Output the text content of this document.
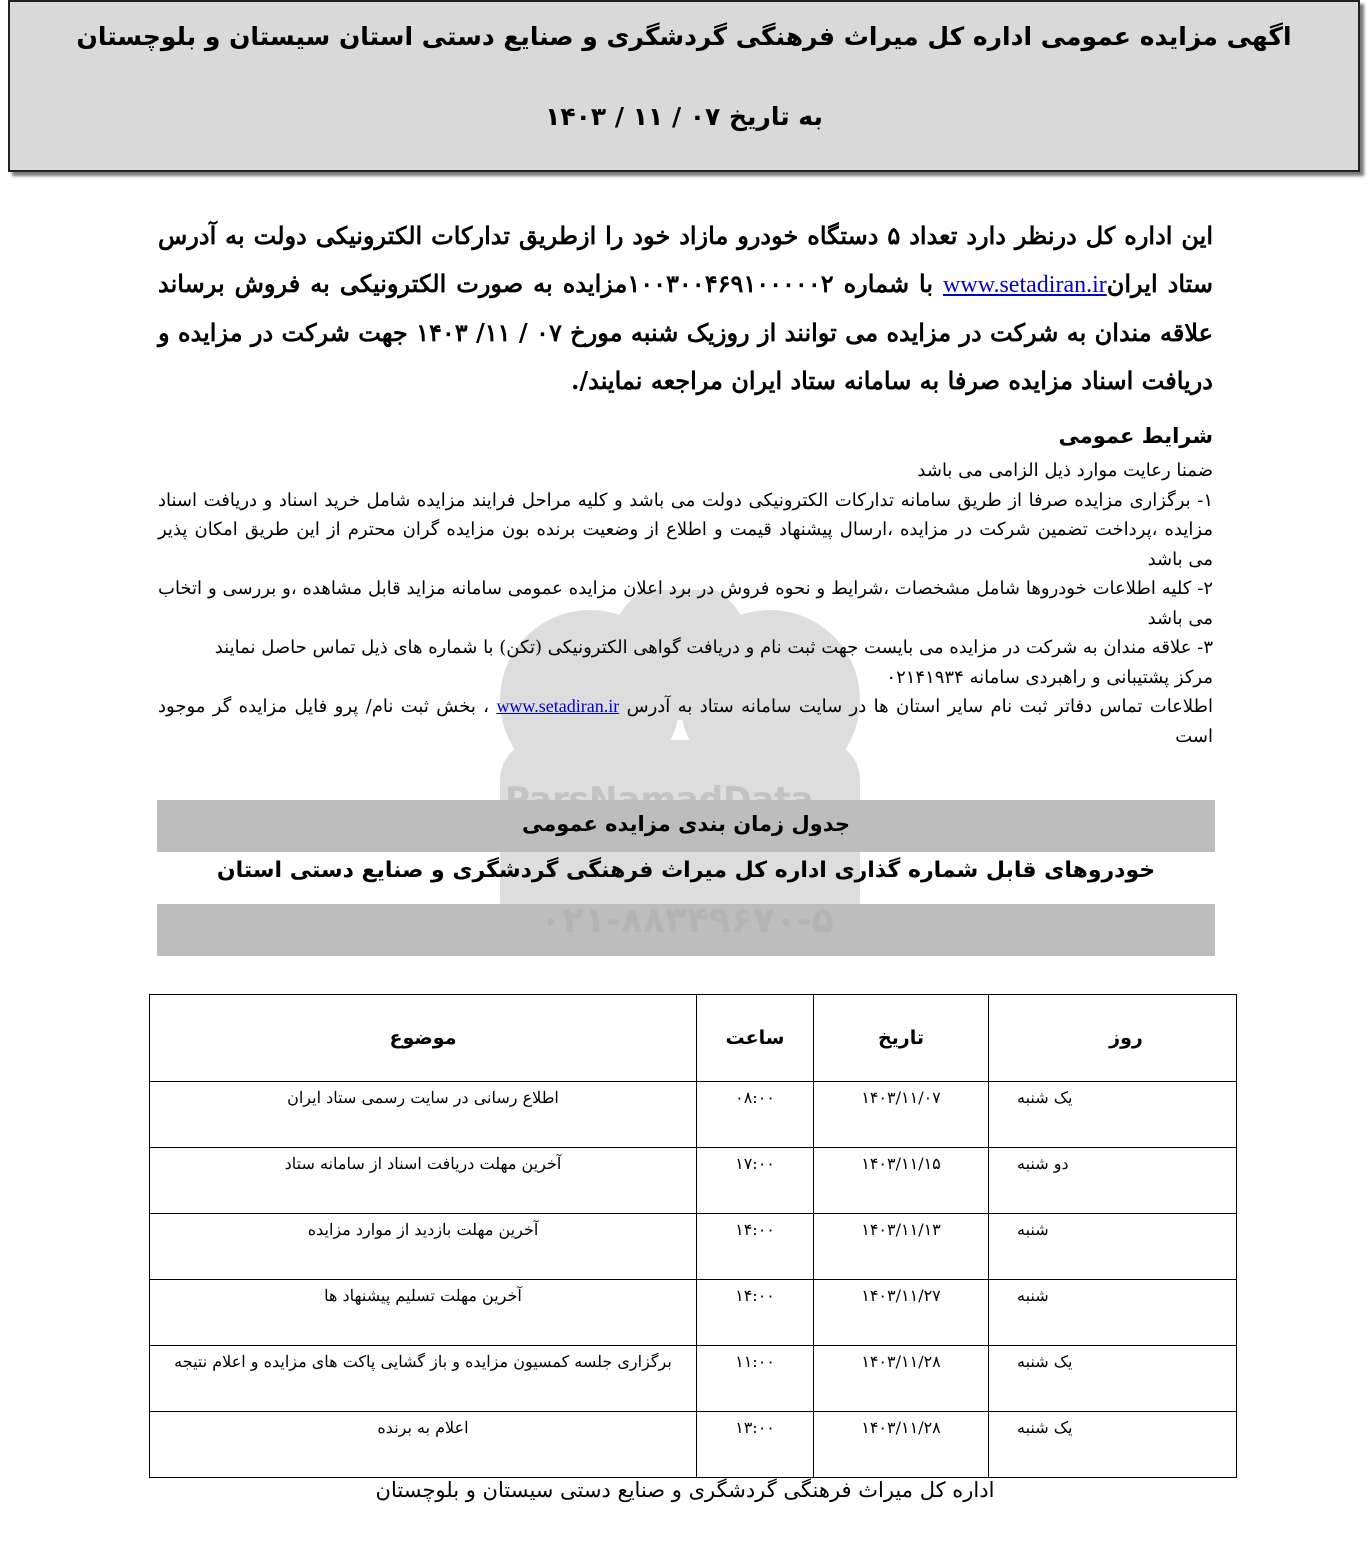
اگهی مزایده عمومی اداره کل میراث فرهنگی گردشگری و صنایع دستی استان سیستان و بلوچستان
به تاریخ ۰۷ / ۱۱ / ۱۴۰۳
این اداره کل درنظر دارد تعداد ۵ دستگاه خودرو مازاد خود را ازطریق تدارکات الکترونیکی دولت به آدرس ستاد ایرانwww.setadiran.ir با شماره ۱۰۰۳۰۰۴۶۹۱۰۰۰۰۰۲مزایده به صورت الکترونیکی به فروش برساند علاقه مندان به شرکت در مزایده می توانند از روزیک شنبه مورخ ۰۷ / ۱۱/ ۱۴۰۳ جهت شرکت در مزایده و دریافت اسناد مزایده صرفا به سامانه ستاد ایران مراجعه نمایند/.
شرایط عمومی

ضمنا رعایت موارد ذیل الزامی می باشد

۱- برگزاری مزایده صرفا از طریق سامانه تدارکات الکترونیکی دولت می باشد و کلیه مراحل فرایند مزایده شامل خرید اسناد و دریافت اسناد مزایده ،پرداخت تضمین شرکت در مزایده ،ارسال پیشنهاد قیمت و اطلاع از وضعیت برنده بون مزایده گران محترم از این طریق امکان پذیر می باشد

۲- کلیه اطلاعات خودروها شامل مشخصات ،شرایط و نحوه فروش در برد اعلان مزایده عمومی سامانه مزاید قابل مشاهده ،و بررسی و اتخاب می باشد

۳- علاقه مندان به شرکت در مزایده می بایست جهت ثبت نام و دریافت گواهی الکترونیکی (تکن) با شماره های ذیل تماس حاصل نمایند

مرکز پشتیبانی و راهبردی سامانه ۰۲۱۴۱۹۳۴

اطلاعات تماس دفاتر ثبت نام سایر استان ها در سایت سامانه ستاد به آدرس www.setadiran.ir ، بخش ثبت نام/ پرو فایل مزایده گر موجود است

جدول زمان بندی مزایده عمومی
خودروهای قابل شماره گذاری اداره کل میراث فرهنگی گردشگری و صنایع دستی استان
۰۲۱-۸۸۳۴۹۶۷۰-۵
روز	تاریخ	ساعت	موضوع
یک شنبه	۱۴۰۳/۱۱/۰۷	۰۸:۰۰	اطلاع رسانی در سایت رسمی ستاد ایران
دو شنبه	۱۴۰۳/۱۱/۱۵	۱۷:۰۰	آخرین مهلت دریافت اسناد از سامانه ستاد
شنبه	۱۴۰۳/۱۱/۱۳	۱۴:۰۰	آخرین مهلت بازدید از موارد مزایده
شنبه	۱۴۰۳/۱۱/۲۷	۱۴:۰۰	آخرین مهلت تسلیم پیشنهاد ها
یک شنبه	۱۴۰۳/۱۱/۲۸	۱۱:۰۰	برگزاری جلسه کمسیون مزایده و باز گشایی پاکت های مزایده و اعلام نتیجه
یک شنبه	۱۴۰۳/۱۱/۲۸	۱۳:۰۰	اعلام به برنده
اداره کل میراث فرهنگی گردشگری و صنایع دستی سیستان و بلوچستان
